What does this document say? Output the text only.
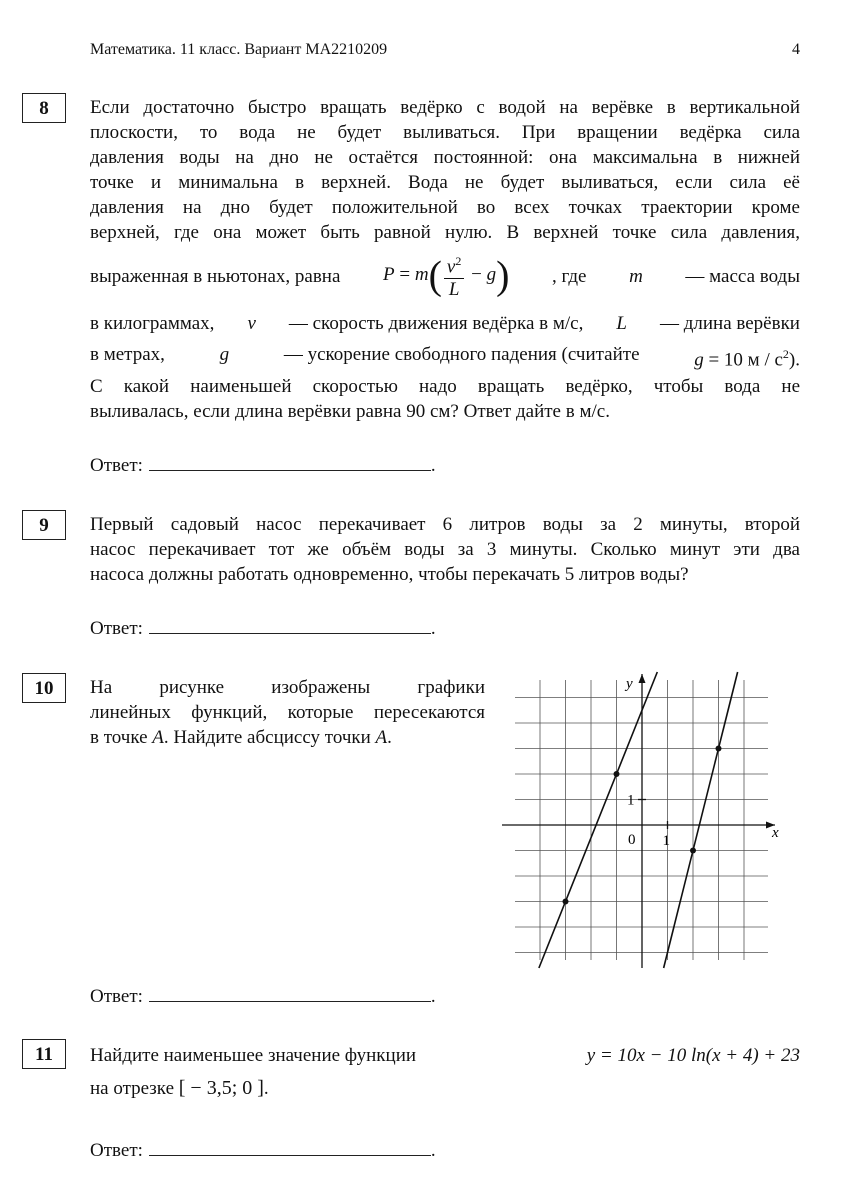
Математика. 11 класс. Вариант МА2210209	4
8	Если достаточно быстро вращать ведёрко с водой на верёвке в вертикальной
плоскости, то вода не будет выливаться. При вращении ведёрка сила
давления воды на дно не остаётся постоянной: она максимальна в нижней
точке и минимальна в верхней. Вода не будет выливаться, если сила её
давления на дно будет положительной во всех точках траектории кроме
верхней, где она может быть равной нулю. В верхней точке сила давления,
выраженная в ньютонах, равна $P = m( \frac{v^2}{L} - g)$ , где m — масса воды
в килограммах, v — скорость движения ведёрка в м/с, L — длина верёвки
в метрах,	g	— ускорение свободного падения (считайте	g = 10 м / $с^2$).
С какой наименьшей скоростью надо вращать ведёрко, чтобы вода не
выливалась, если длина верёвки равна 90 см? Ответ дайте в м/с.
Ответ:	.
9	Первый садовый насос перекачивает 6 литров воды за 2 минуты, второй
насос перекачивает тот же объём воды за 3 минуты. Сколько минут эти два
насоса должны работать одновременно, чтобы перекачать 5 литров воды?
Ответ:	.
10	На рисунке изображены графики
линейных функций, которые пересекаются
в точке A. Найдите абсциссу точки A.
x
y
0 1
1
Ответ:	.
11	Найдите наименьшее значение функции	y = 10x − 10 ln(x + 4) + 23
на отрезке [ − 3,5; 0 ].
Ответ:	.
